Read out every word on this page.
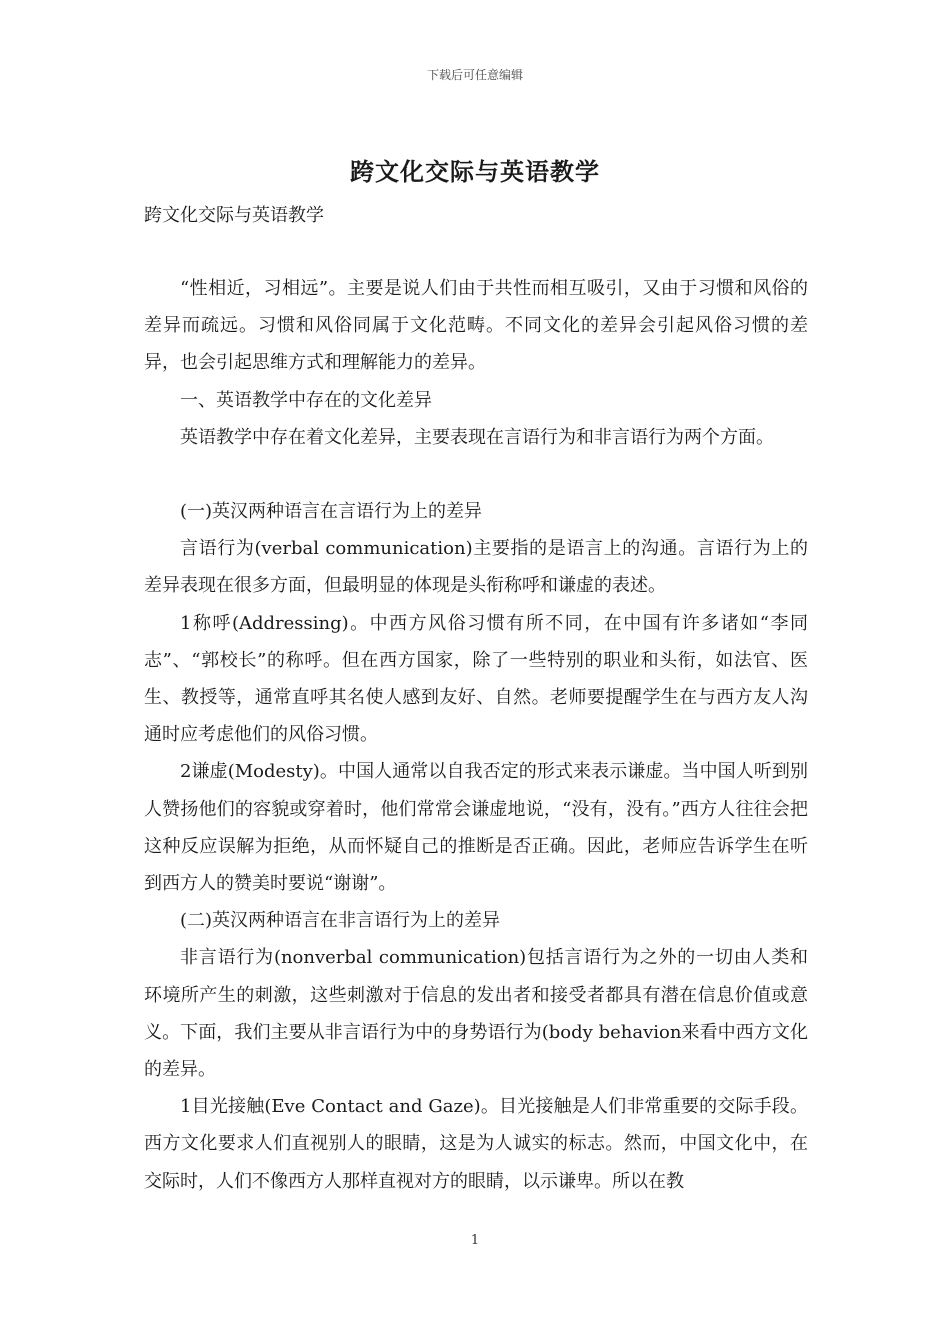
下载后可任意编辑
跨文化交际与英语教学
跨文化交际与英语教学

“性相近，习相远”。主要是说人们由于共性而相互吸引，又由于习惯和风俗的差异而疏远。习惯和风俗同属于文化范畴。不同文化的差异会引起风俗习惯的差异，也会引起思维方式和理解能力的差异。

一、英语教学中存在的文化差异

英语教学中存在着文化差异，主要表现在言语行为和非言语行为两个方面。

(一)英汉两种语言在言语行为上的差异

言语行为(verbal communication)主要指的是语言上的沟通。言语行为上的差异表现在很多方面，但最明显的体现是头衔称呼和谦虚的表述。

1称呼(Addressing)。中西方风俗习惯有所不同，在中国有许多诸如“李同志”、“郭校长”的称呼。但在西方国家，除了一些特别的职业和头衔，如法官、医生、教授等，通常直呼其名使人感到友好、自然。老师要提醒学生在与西方友人沟通时应考虑他们的风俗习惯。

2谦虚(Modesty)。中国人通常以自我否定的形式来表示谦虚。当中国人听到别人赞扬他们的容貌或穿着时，他们常常会谦虚地说，“没有，没有。”西方人往往会把这种反应误解为拒绝，从而怀疑自己的推断是否正确。因此，老师应告诉学生在听到西方人的赞美时要说“谢谢”。

(二)英汉两种语言在非言语行为上的差异

非言语行为(nonverbal communication)包括言语行为之外的一切由人类和环境所产生的刺激，这些刺激对于信息的发出者和接受者都具有潜在信息价值或意义。下面，我们主要从非言语行为中的身势语行为(body behavion来看中西方文化的差异。

1目光接触(Eve Contact and Gaze)。目光接触是人们非常重要的交际手段。西方文化要求人们直视别人的眼睛，这是为人诚实的标志。然而，中国文化中，在交际时，人们不像西方人那样直视对方的眼睛，以示谦卑。所以在教

1
